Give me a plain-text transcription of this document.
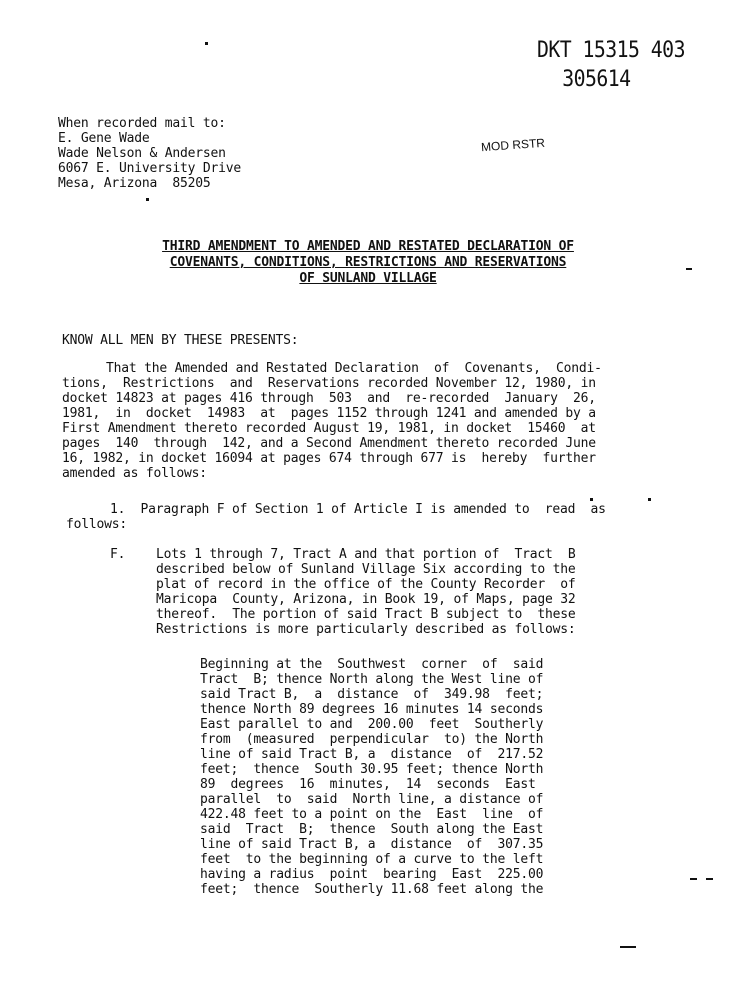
DKT 15315 403
305614
MOD RSTR
When recorded mail to:
E. Gene Wade
Wade Nelson & Andersen
6067 E. University Drive
Mesa, Arizona  85205
THIRD AMENDMENT TO AMENDED AND RESTATED DECLARATION OF
COVENANTS, CONDITIONS, RESTRICTIONS AND RESERVATIONS
OF SUNLAND VILLAGE
KNOW ALL MEN BY THESE PRESENTS:
That the Amended and Restated Declaration  of  Covenants,  Condi-
tions,  Restrictions  and  Reservations recorded November 12, 1980, in
docket 14823 at pages 416 through  503  and  re-recorded  January  26,
1981,  in  docket  14983  at  pages 1152 through 1241 and amended by a
First Amendment thereto recorded August 19, 1981, in docket  15460  at
pages  140  through  142, and a Second Amendment thereto recorded June
16, 1982, in docket 16094 at pages 674 through 677 is  hereby  further
amended as follows:
1.  Paragraph F of Section 1 of Article I is amended to  read  as
follows:
F. Lots 1 through 7, Tract A and that portion of  Tract  B
described below of Sunland Village Six according to the
plat of record in the office of the County Recorder  of
Maricopa  County, Arizona, in Book 19, of Maps, page 32
thereof.  The portion of said Tract B subject to  these
Restrictions is more particularly described as follows:
Beginning at the  Southwest  corner  of  said
Tract  B; thence North along the West line of
said Tract B,  a  distance  of  349.98  feet;
thence North 89 degrees 16 minutes 14 seconds
East parallel to and  200.00  feet  Southerly
from  (measured  perpendicular  to) the North
line of said Tract B, a  distance  of  217.52
feet;  thence  South 30.95 feet; thence North
89  degrees  16  minutes,  14  seconds  East
parallel  to  said  North line, a distance of
422.48 feet to a point on the  East  line  of
said  Tract  B;  thence  South along the East
line of said Tract B, a  distance  of  307.35
feet  to the beginning of a curve to the left
having a radius  point  bearing  East  225.00
feet;  thence  Southerly 11.68 feet along the
